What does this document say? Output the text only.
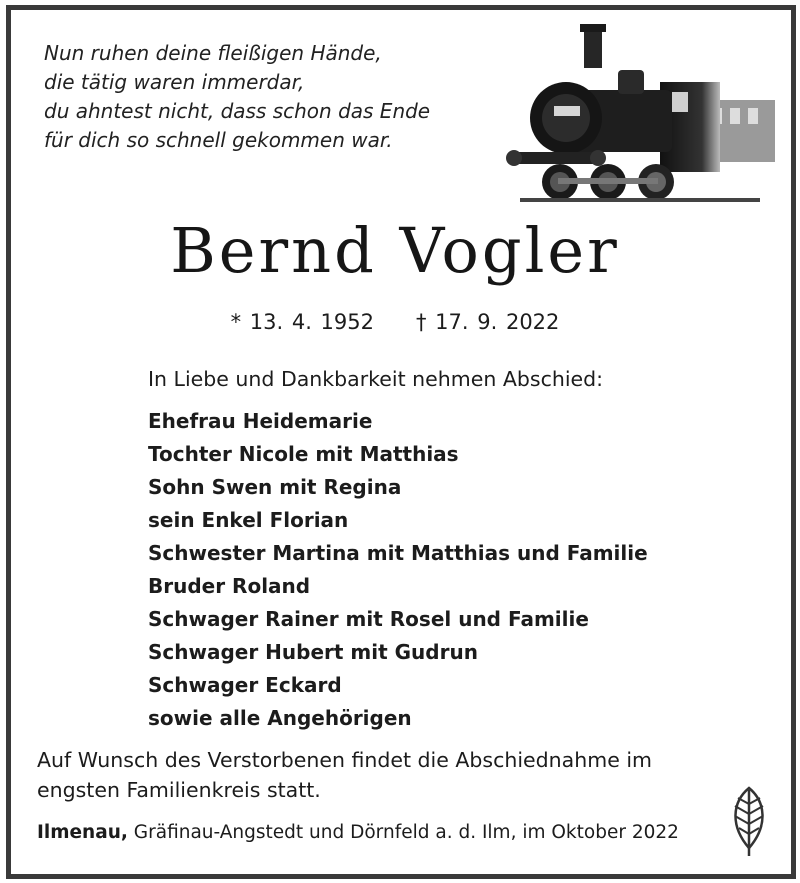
Nun ruhen deine fleißigen Hände,
die tätig waren immerdar,
du ahntest nicht, dass schon das Ende
für dich so schnell gekommen war.
Bernd Vogler
* 13. 4. 1952 † 17. 9. 2022
In Liebe und Dankbarkeit nehmen Abschied:
Ehefrau Heidemarie
Tochter Nicole mit Matthias
Sohn Swen mit Regina
sein Enkel Florian
Schwester Martina mit Matthias und Familie
Bruder Roland
Schwager Rainer mit Rosel und Familie
Schwager Hubert mit Gudrun
Schwager Eckard
sowie alle Angehörigen
Auf Wunsch des Verstorbenen findet die Abschiednahme im engsten Familienkreis statt.
Ilmenau, Gräfinau-Angstedt und Dörnfeld a. d. Ilm, im Oktober 2022
